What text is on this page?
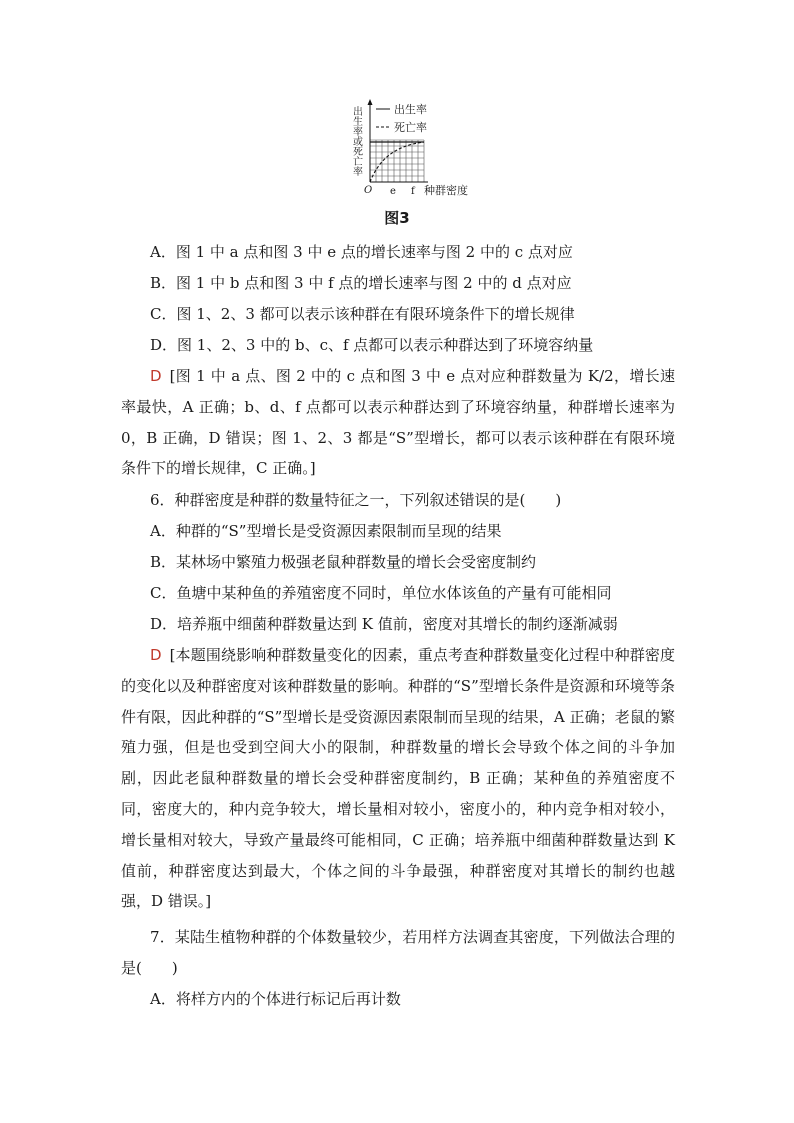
出生率或死亡率	出生率
死亡率
O e f 种群密度
图3
A．图 1 中 a 点和图 3 中 e 点的增长速率与图 2 中的 c 点对应
B．图 1 中 b 点和图 3 中 f 点的增长速率与图 2 中的 d 点对应
C．图 1、2、3 都可以表示该种群在有限环境条件下的增长规律
D．图 1、2、3 中的 b、c、f 点都可以表示种群达到了环境容纳量
D [图 1 中 a 点、图 2 中的 c 点和图 3 中 e 点对应种群数量为 K/2，增长速率最快，A 正确；b、d、f 点都可以表示种群达到了环境容纳量，种群增长速率为 0，B 正确，D 错误；图 1、2、3 都是“S”型增长，都可以表示该种群在有限环境条件下的增长规律，C 正确。]
6．种群密度是种群的数量特征之一，下列叙述错误的是(　　)
A．种群的“S”型增长是受资源因素限制而呈现的结果
B．某林场中繁殖力极强老鼠种群数量的增长会受密度制约
C．鱼塘中某种鱼的养殖密度不同时，单位水体该鱼的产量有可能相同
D．培养瓶中细菌种群数量达到 K 值前，密度对其增长的制约逐渐减弱
D [本题围绕影响种群数量变化的因素，重点考查种群数量变化过程中种群密度的变化以及种群密度对该种群数量的影响。种群的“S”型增长条件是资源和环境等条件有限，因此种群的“S”型增长是受资源因素限制而呈现的结果，A 正确；老鼠的繁殖力强，但是也受到空间大小的限制，种群数量的增长会导致个体之间的斗争加剧，因此老鼠种群数量的增长会受种群密度制约，B 正确；某种鱼的养殖密度不同，密度大的，种内竞争较大，增长量相对较小，密度小的，种内竞争相对较小，增长量相对较大，导致产量最终可能相同，C 正确；培养瓶中细菌种群数量达到 K 值前，种群密度达到最大，个体之间的斗争最强，种群密度对其增长的制约也越强，D 错误。]
7．某陆生植物种群的个体数量较少，若用样方法调查其密度，下列做法合理的是(　　)
A．将样方内的个体进行标记后再计数
